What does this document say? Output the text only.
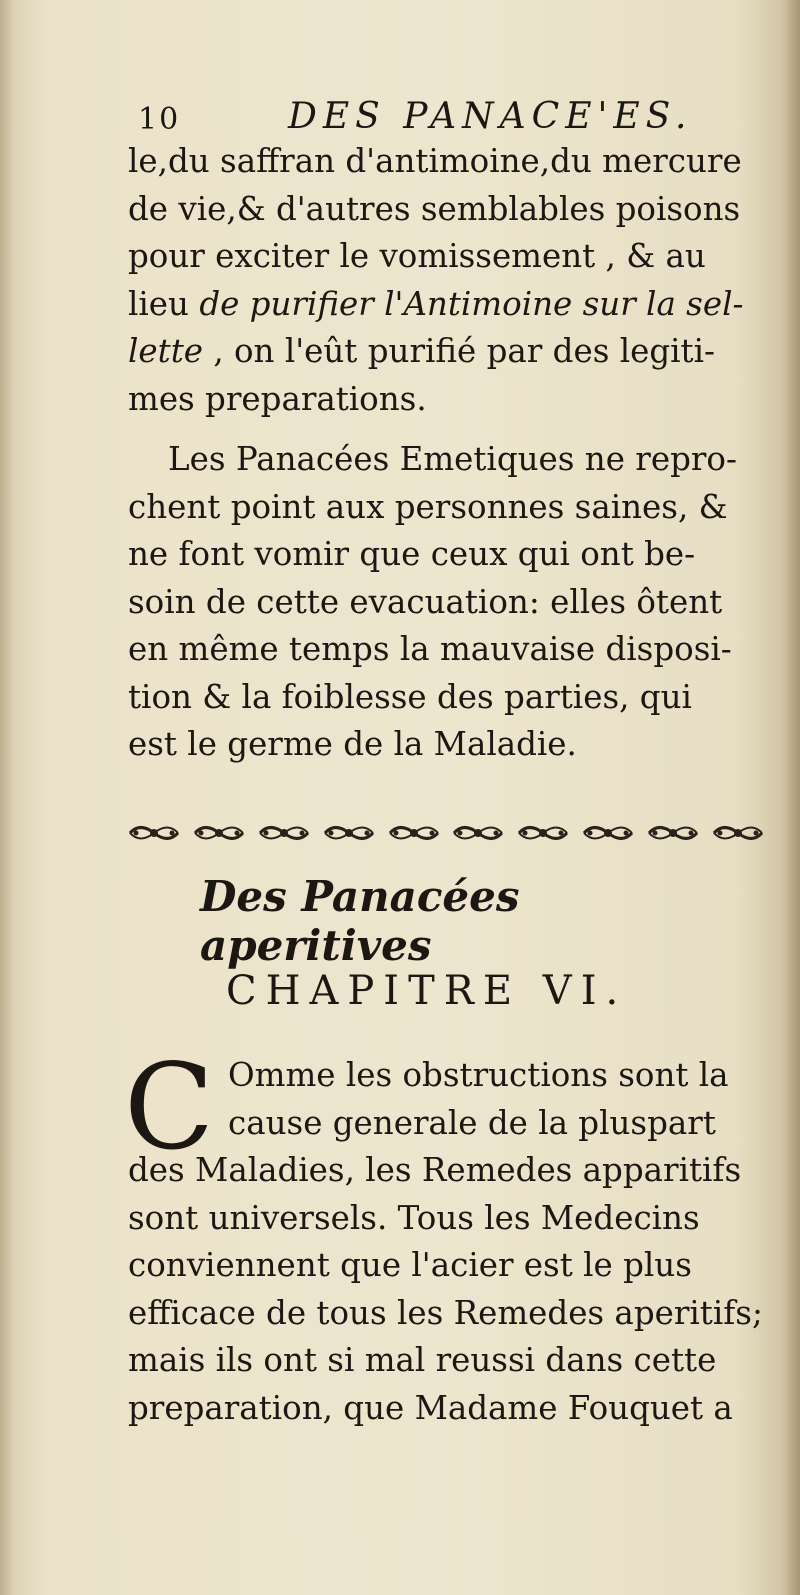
10	DES PANACE'ES.
le,du saffran d'antimoine,du mercure
de vie,& d'autres semblables poisons
pour exciter le vomissement , & au
lieu de purifier l'Antimoine sur la sel-
lette , on l'eût purifié par des legiti-
mes preparations.
Les Panacées Emetiques ne repro-
chent point aux personnes saines, &
ne font vomir que ceux qui ont be-
soin de cette evacuation: elles ôtent
en même temps la mauvaise disposi-
tion & la foiblesse des parties, qui
est le germe de la Maladie.
Des Panacées aperitives
CHAPITRE VI.
C Omme les obstructions sont la
cause generale de la pluspart
des Maladies, les Remedes apparitifs
sont universels. Tous les Medecins
conviennent que l'acier est le plus
efficace de tous les Remedes aperitifs;
mais ils ont si mal reussi dans cette
preparation, que Madame Fouquet a
